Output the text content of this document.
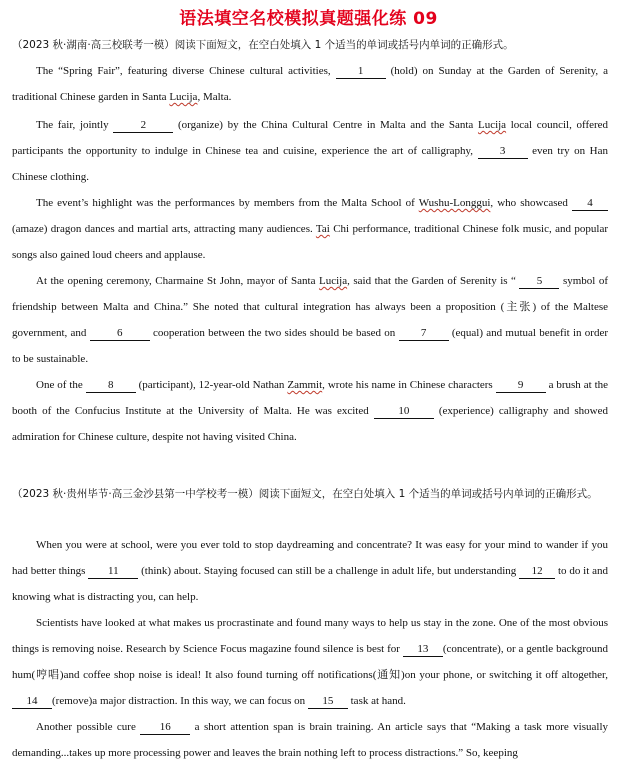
语法填空名校模拟真题强化练 09
（2023 秋·湖南·高三校联考一模）阅读下面短文，在空白处填入 1 个适当的单词或括号内单词的正确形式。
The “Spring Fair”, featuring diverse Chinese cultural activities, 1 (hold) on Sunday at the Garden of Serenity, a traditional Chinese garden in Santa Lucija, Malta.
The fair, jointly	2	(organize) by the China Cultural Centre in Malta and the Santa Lucija local council, offered participants the opportunity to indulge in Chinese tea and cuisine, experience the art of calligraphy, 3 even try on Han Chinese clothing.
The event’s highlight was the performances by members from the Malta School of Wushu-Longgui, who showcased 4 (amaze) dragon dances and martial arts, attracting many audiences. Tai Chi performance, traditional Chinese folk music, and popular songs also gained loud cheers and applause.
At the opening ceremony, Charmaine St John, mayor of Santa Lucija, said that the Garden of Serenity is “ 5 symbol of friendship between Malta and China.” She noted that cultural integration has always been a proposition (主张) of the Maltese government, and	6	cooperation between the two sides should be based on 7 (equal) and mutual benefit in order to be sustainable.
One of the 8 (participant), 12-year-old Nathan Zammit, wrote his name in Chinese characters 9 a brush at the booth of the Confucius Institute at the University of Malta. He was excited	10	(experience) calligraphy and showed admiration for Chinese culture, despite not having visited China.
（2023 秋·贵州毕节·高三金沙县第一中学校考一模）阅读下面短文，在空白处填入 1 个适当的单词或括号内单词的正确形式。
When you were at school, were you ever told to stop daydreaming and concentrate? It was easy for your mind to wander if you had better things 11 (think) about. Staying focused can still be a challenge in adult life, but understanding 12 to do it and knowing what is distracting you, can help.
Scientists have looked at what makes us procrastinate and found many ways to help us stay in the zone. One of the most obvious things is removing noise. Research by Science Focus magazine found silence is best for 13 (concentrate), or a gentle background hum(哼唱)and coffee shop noise is ideal! It also found turning off notifications(通知)on your phone, or switching it off altogether, 14 (remove)a major distraction. In this way, we can focus on 15 task at hand.
Another possible cure 16 a short attention span is brain training. An article says that “Making a task more visually demanding...takes up more processing power and leaves the brain nothing left to process distractions.” So, keeping
